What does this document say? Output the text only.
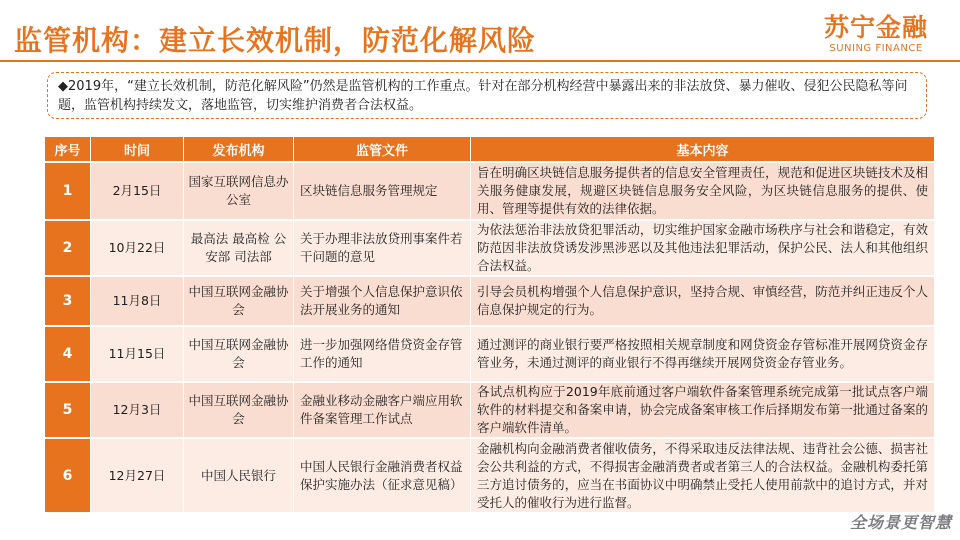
监管机构：建立长效机制，防范化解风险	苏宁金融
SUNING FINANCE
◆2019年，“建立长效机制，防范化解风险”仍然是监管机构的工作重点。针对在部分机构经营中暴露出来的非法放贷、暴力催收、侵犯公民隐私等问题，监管机构持续发文，落地监管，切实维护消费者合法权益。
序号	时间	发布机构	监管文件	基本内容
1	2月15日	国家互联网信息办公室	区块链信息服务管理规定	旨在明确区块链信息服务提供者的信息安全管理责任，规范和促进区块链技术及相关服务健康发展，规避区块链信息服务安全风险，为区块链信息服务的提供、使用、管理等提供有效的法律依据。
2	10月22日	最高法 最高检 公安部 司法部	关于办理非法放贷刑事案件若干问题的意见	为依法惩治非法放贷犯罪活动，切实维护国家金融市场秩序与社会和谐稳定，有效防范因非法放贷诱发涉黑涉恶以及其他违法犯罪活动，保护公民、法人和其他组织合法权益。
3	11月8日	中国互联网金融协会	关于增强个人信息保护意识依法开展业务的通知	引导会员机构增强个人信息保护意识，坚持合规、审慎经营，防范并纠正违反个人信息保护规定的行为。
4	11月15日	中国互联网金融协会	进一步加强网络借贷资金存管工作的通知	通过测评的商业银行要严格按照相关规章制度和网贷资金存管标准开展网贷资金存管业务，未通过测评的商业银行不得再继续开展网贷资金存管业务。
5	12月3日	中国互联网金融协会	金融业移动金融客户端应用软件备案管理工作试点	各试点机构应于2019年底前通过客户端软件备案管理系统完成第一批试点客户端软件的材料提交和备案申请，协会完成备案审核工作后择期发布第一批通过备案的客户端软件清单。
6	12月27日	中国人民银行	中国人民银行金融消费者权益保护实施办法（征求意见稿）	金融机构向金融消费者催收债务，不得采取违反法律法规、违背社会公德、损害社会公共利益的方式，不得损害金融消费者或者第三人的合法权益。金融机构委托第三方追讨债务的，应当在书面协议中明确禁止受托人使用前款中的追讨方式，并对受托人的催收行为进行监督。
全场景更智慧
